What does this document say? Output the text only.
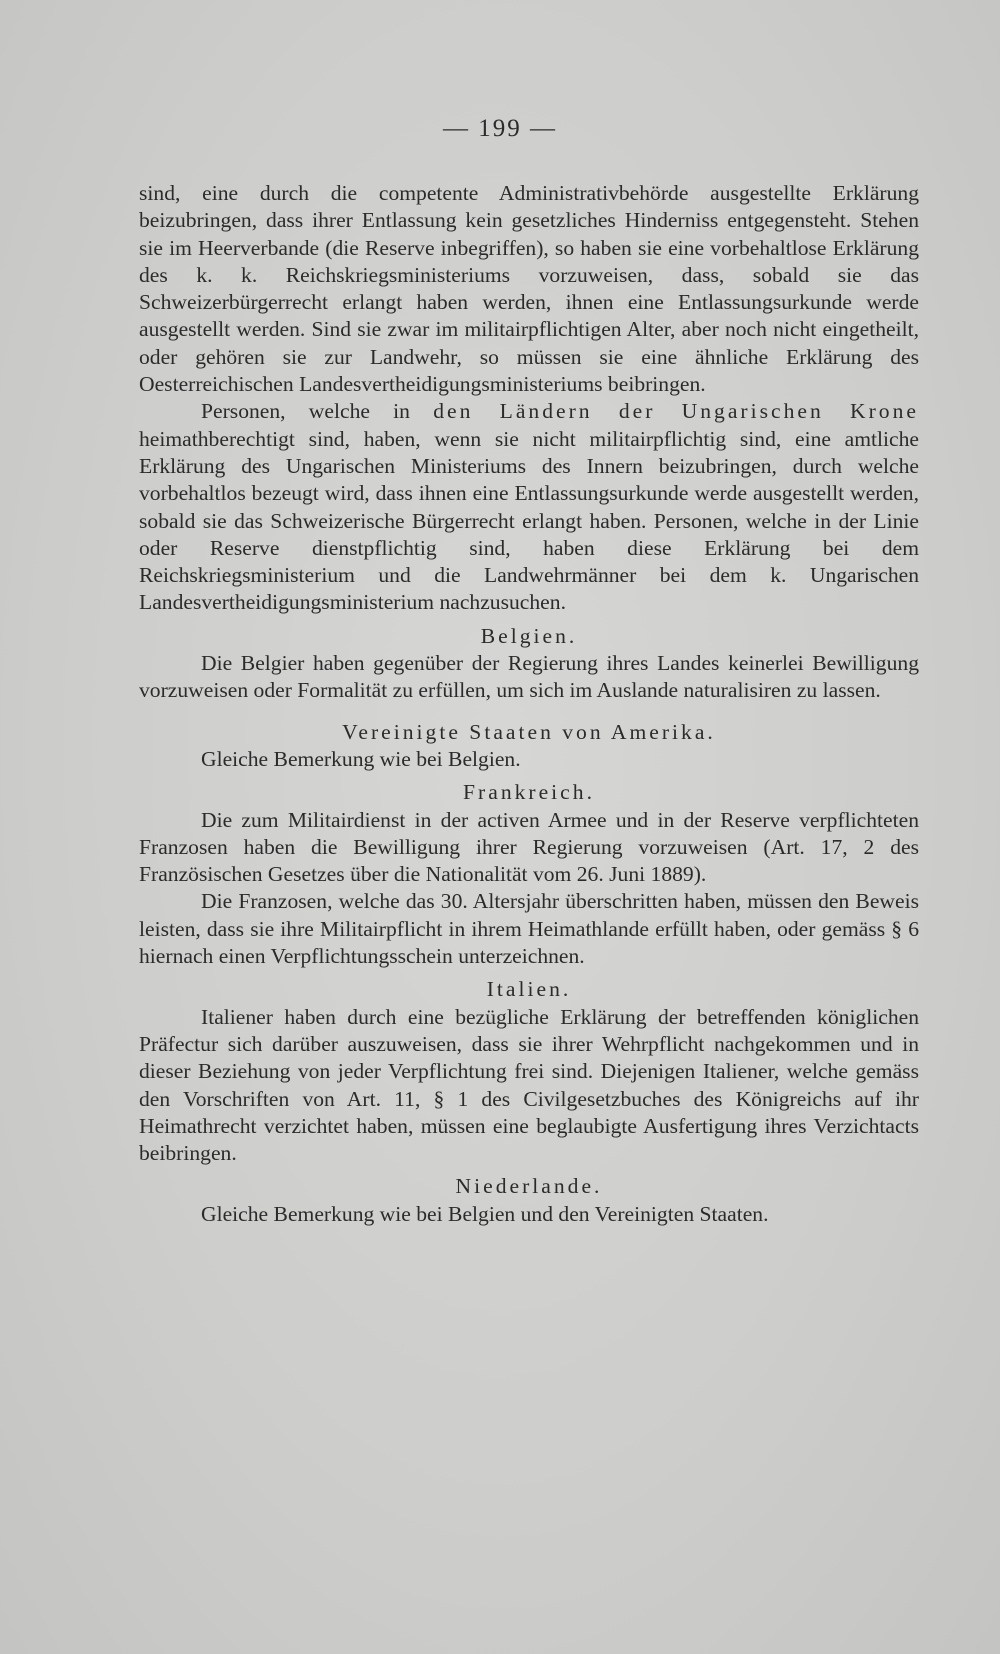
— 199 —

sind, eine durch die competente Administrativbehörde ausgestellte Erklärung beizubringen, dass ihrer Entlassung kein gesetzliches Hinderniss entgegensteht. Stehen sie im Heerverbande (die Reserve inbegriffen), so haben sie eine vorbehaltlose Erklärung des k. k. Reichskriegsministeriums vorzuweisen, dass, sobald sie das Schweizerbürgerrecht erlangt haben werden, ihnen eine Entlassungsurkunde werde ausgestellt werden. Sind sie zwar im militairpflichtigen Alter, aber noch nicht eingetheilt, oder gehören sie zur Landwehr, so müssen sie eine ähnliche Erklärung des Oesterreichischen Landesvertheidigungsministeriums beibringen.

Personen, welche in den Ländern der Ungarischen Krone heimathberechtigt sind, haben, wenn sie nicht militairpflichtig sind, eine amtliche Erklärung des Ungarischen Ministeriums des Innern beizubringen, durch welche vorbehaltlos bezeugt wird, dass ihnen eine Entlassungsurkunde werde ausgestellt werden, sobald sie das Schweizerische Bürgerrecht erlangt haben. Personen, welche in der Linie oder Reserve dienstpflichtig sind, haben diese Erklärung bei dem Reichskriegsministerium und die Landwehrmänner bei dem k. Ungarischen Landesvertheidigungsministerium nachzusuchen.

Belgien.

Die Belgier haben gegenüber der Regierung ihres Landes keinerlei Bewilligung vorzuweisen oder Formalität zu erfüllen, um sich im Auslande naturalisiren zu lassen.

Vereinigte Staaten von Amerika.

Gleiche Bemerkung wie bei Belgien.

Frankreich.

Die zum Militairdienst in der activen Armee und in der Reserve verpflichteten Franzosen haben die Bewilligung ihrer Regierung vorzuweisen (Art. 17, 2 des Französischen Gesetzes über die Nationalität vom 26. Juni 1889).

Die Franzosen, welche das 30. Altersjahr überschritten haben, müssen den Beweis leisten, dass sie ihre Militairpflicht in ihrem Heimathlande erfüllt haben, oder gemäss § 6 hiernach einen Verpflichtungsschein unterzeichnen.

Italien.

Italiener haben durch eine bezügliche Erklärung der betreffenden königlichen Präfectur sich darüber auszuweisen, dass sie ihrer Wehrpflicht nachgekommen und in dieser Beziehung von jeder Verpflichtung frei sind. Diejenigen Italiener, welche gemäss den Vorschriften von Art. 11, § 1 des Civilgesetzbuches des Königreichs auf ihr Heimathrecht verzichtet haben, müssen eine beglaubigte Ausfertigung ihres Verzichtacts beibringen.

Niederlande.

Gleiche Bemerkung wie bei Belgien und den Vereinigten Staaten.
